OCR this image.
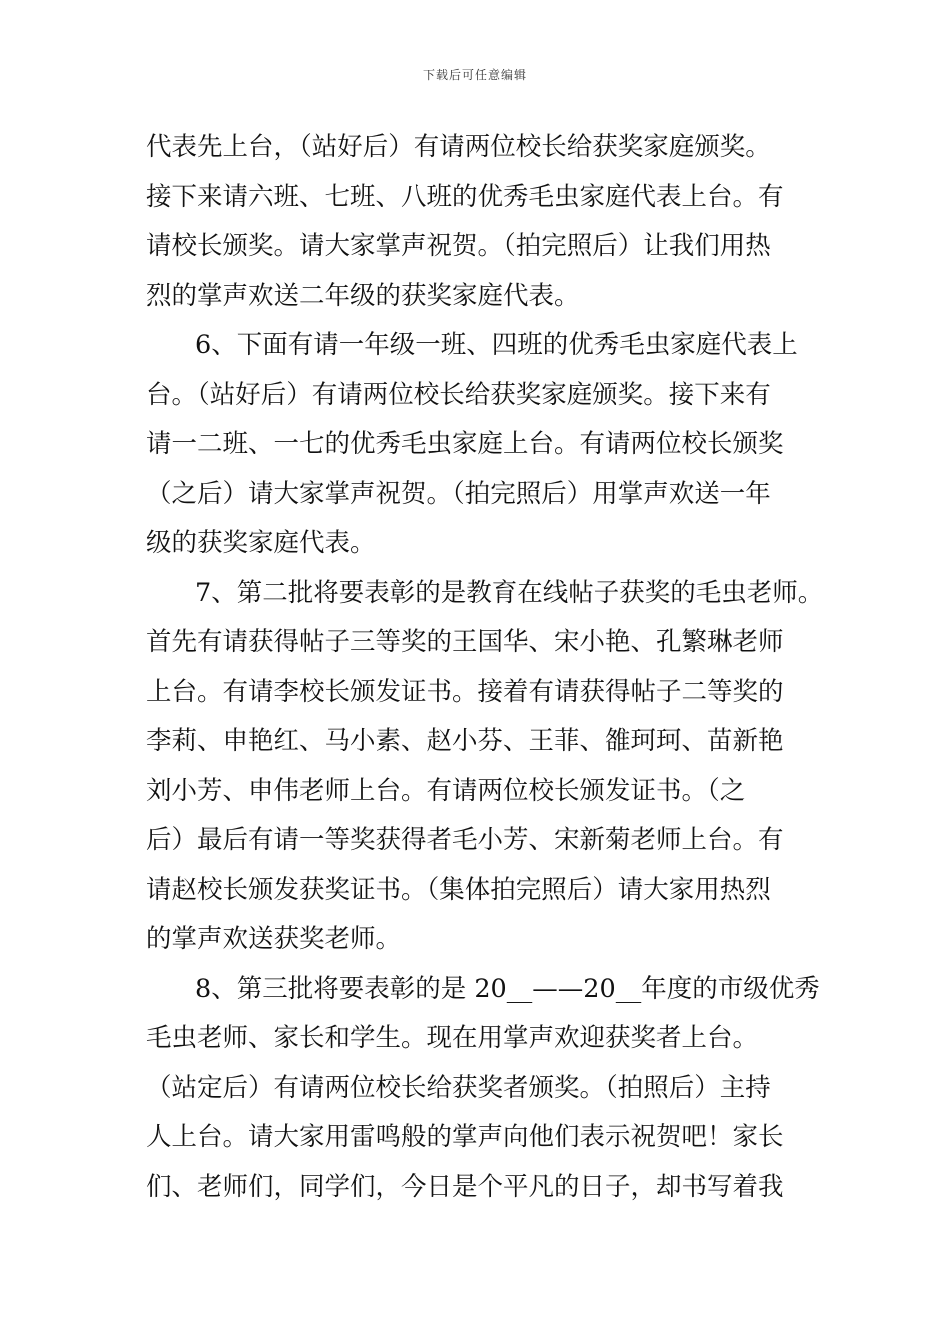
下载后可任意编辑
代表先上台，（站好后）有请两位校长给获奖家庭颁奖。
接下来请六班、七班、八班的优秀毛虫家庭代表上台。有
请校长颁奖。请大家掌声祝贺。（拍完照后）让我们用热
烈的掌声欢送二年级的获奖家庭代表。
6、下面有请一年级一班、四班的优秀毛虫家庭代表上
台。（站好后）有请两位校长给获奖家庭颁奖。接下来有
请一二班、一七的优秀毛虫家庭上台。有请两位校长颁奖
（之后）请大家掌声祝贺。（拍完照后）用掌声欢送一年
级的获奖家庭代表。
7、第二批将要表彰的是教育在线帖子获奖的毛虫老师。
首先有请获得帖子三等奖的王国华、宋小艳、孔繁琳老师
上台。有请李校长颁发证书。接着有请获得帖子二等奖的
李莉、申艳红、马小素、赵小芬、王菲、雒珂珂、苗新艳
刘小芳、申伟老师上台。有请两位校长颁发证书。（之
后）最后有请一等奖获得者毛小芳、宋新菊老师上台。有
请赵校长颁发获奖证书。（集体拍完照后）请大家用热烈
的掌声欢送获奖老师。
8、第三批将要表彰的是 20__——20__年度的市级优秀
毛虫老师、家长和学生。现在用掌声欢迎获奖者上台。
（站定后）有请两位校长给获奖者颁奖。（拍照后）主持
人上台。请大家用雷鸣般的掌声向他们表示祝贺吧！家长
们、老师们，同学们，今日是个平凡的日子，却书写着我
